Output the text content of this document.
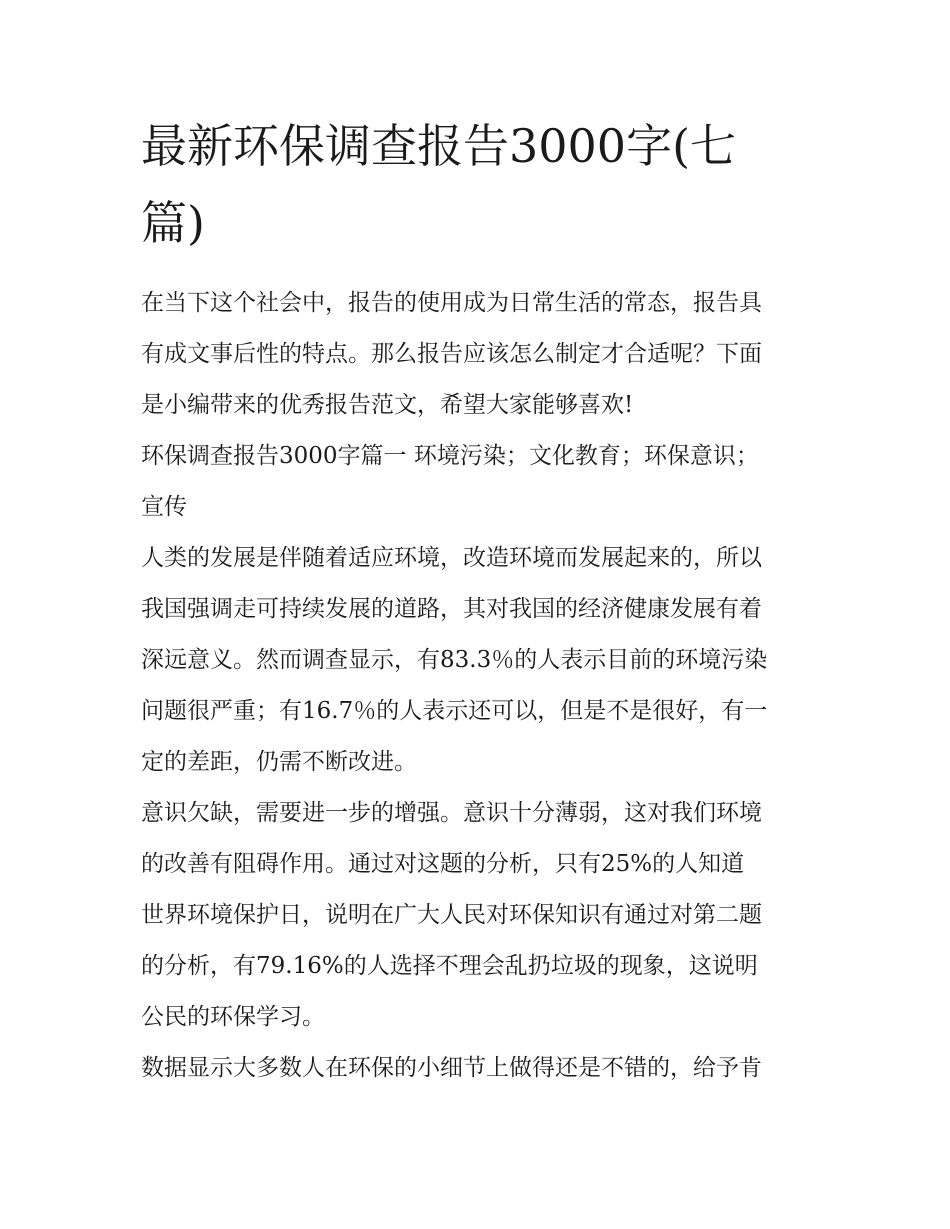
最新环保调查报告3000字(七
篇)
在当下这个社会中，报告的使用成为日常生活的常态，报告具
有成文事后性的特点。那么报告应该怎么制定才合适呢？下面
是小编带来的优秀报告范文，希望大家能够喜欢!
环保调查报告3000字篇一 环境污染；文化教育；环保意识；
宣传
人类的发展是伴随着适应环境，改造环境而发展起来的，所以
我国强调走可持续发展的道路，其对我国的经济健康发展有着
深远意义。然而调查显示，有83.3％的人表示目前的环境污染
问题很严重；有16.7％的人表示还可以，但是不是很好，有一
定的差距，仍需不断改进。
意识欠缺，需要进一步的增强。意识十分薄弱，这对我们环境
的改善有阻碍作用。通过对这题的分析，只有25%的人知道
世界环境保护日，说明在广大人民对环保知识有通过对第二题
的分析，有79.16%的人选择不理会乱扔垃圾的现象，这说明
公民的环保学习。
数据显示大多数人在环保的小细节上做得还是不错的，给予肯
